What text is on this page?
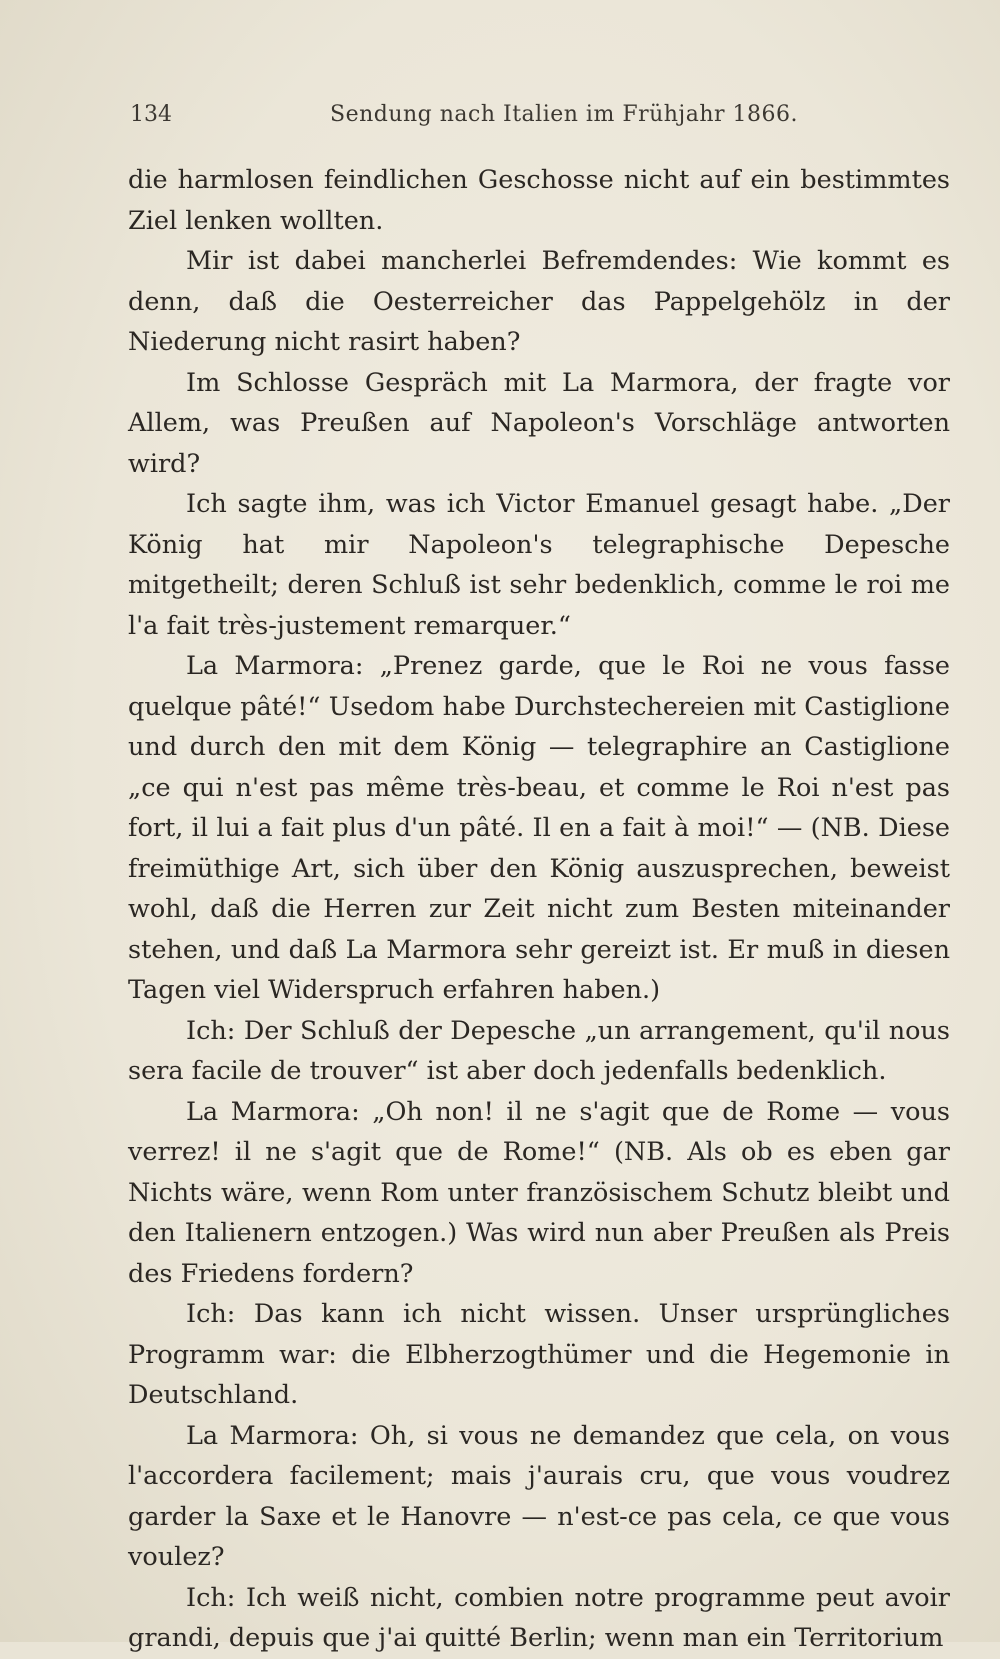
134	Sendung nach Italien im Frühjahr 1866.

die harmlosen feindlichen Geschosse nicht auf ein bestimmtes Ziel lenken wollten.

Mir ist dabei mancherlei Befremdendes: Wie kommt es denn, daß die Oesterreicher das Pappelgehölz in der Niederung nicht rasirt haben?

Im Schlosse Gespräch mit La Marmora, der fragte vor Allem, was Preußen auf Napoleon's Vorschläge antworten wird?

Ich sagte ihm, was ich Victor Emanuel gesagt habe. „Der König hat mir Napoleon's telegraphische Depesche mitgetheilt; deren Schluß ist sehr bedenklich, comme le roi me l'a fait très-justement remarquer.“

La Marmora: „Prenez garde, que le Roi ne vous fasse quelque pâté!“ Usedom habe Durchstechereien mit Castiglione und durch den mit dem König — telegraphire an Castiglione „ce qui n'est pas même très-beau, et comme le Roi n'est pas fort, il lui a fait plus d'un pâté. Il en a fait à moi!“ — (NB. Diese freimüthige Art, sich über den König auszusprechen, beweist wohl, daß die Herren zur Zeit nicht zum Besten miteinander stehen, und daß La Marmora sehr gereizt ist. Er muß in diesen Tagen viel Widerspruch erfahren haben.)

Ich: Der Schluß der Depesche „un arrangement, qu'il nous sera facile de trouver“ ist aber doch jedenfalls bedenklich.

La Marmora: „Oh non! il ne s'agit que de Rome — vous verrez! il ne s'agit que de Rome!“ (NB. Als ob es eben gar Nichts wäre, wenn Rom unter französischem Schutz bleibt und den Italienern entzogen.) Was wird nun aber Preußen als Preis des Friedens fordern?

Ich: Das kann ich nicht wissen. Unser ursprüngliches Programm war: die Elbherzogthümer und die Hegemonie in Deutschland.

La Marmora: Oh, si vous ne demandez que cela, on vous l'accordera facilement; mais j'aurais cru, que vous voudrez garder la Saxe et le Hanovre — n'est-ce pas cela, ce que vous voulez?

Ich: Ich weiß nicht, combien notre programme peut avoir grandi, depuis que j'ai quitté Berlin; wenn man ein Territorium
